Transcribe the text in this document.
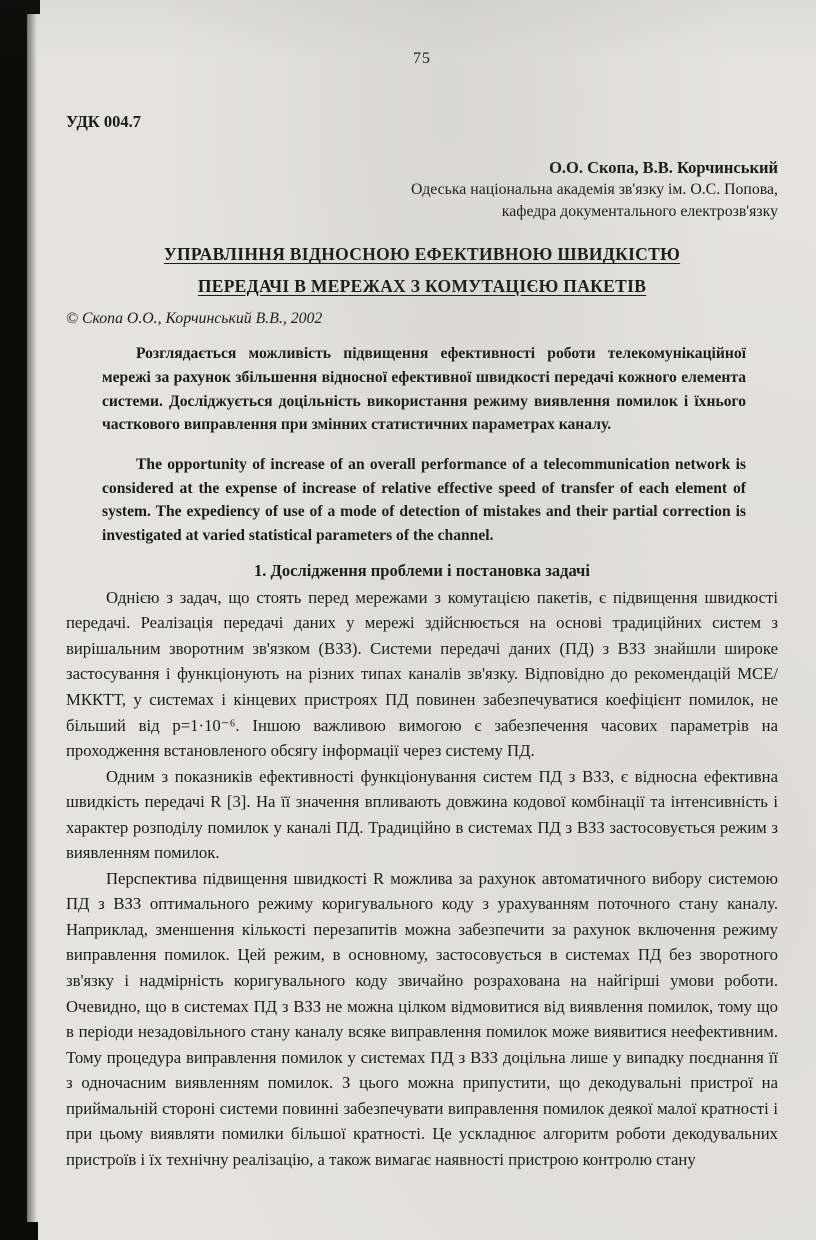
75
УДК 004.7
О.О. Скопа, В.В. Корчинський
Одеська національна академія зв'язку ім. О.С. Попова,
кафедра документального електрозв'язку
УПРАВЛІННЯ ВІДНОСНОЮ ЕФЕКТИВНОЮ ШВИДКІСТЮ
ПЕРЕДАЧІ В МЕРЕЖАХ З КОМУТАЦІЄЮ ПАКЕТІВ
© Скопа О.О., Корчинський В.В., 2002

Розглядається можливість підвищення ефективності роботи телекомунікаційної мережі за рахунок збільшення відносної ефективної швидкості передачі кожного елемента системи. Досліджується доцільність використання режиму виявлення помилок і їхнього часткового виправлення при змінних статистичних параметрах каналу.

The opportunity of increase of an overall performance of a telecommunication network is considered at the expense of increase of relative effective speed of transfer of each element of system. The expediency of use of a mode of detection of mistakes and their partial correction is investigated at varied statistical parameters of the channel.

1. Дослідження проблеми і постановка задачі

Однією з задач, що стоять перед мережами з комутацією пакетів, є підвищення швидкості передачі. Реалізація передачі даних у мережі здійснюється на основі традиційних систем з вирішальним зворотним зв'язком (ВЗЗ). Системи передачі даних (ПД) з ВЗЗ знайшли широке застосування і функціонують на різних типах каналів зв'язку. Відповідно до рекомендацій МСЕ/МККТТ, у системах і кінцевих пристроях ПД повинен забезпечуватися коефіцієнт помилок, не більший від р=1·10⁻⁶. Іншою важливою вимогою є забезпечення часових параметрів на проходження встановленого обсягу інформації через систему ПД.

Одним з показників ефективності функціонування систем ПД з ВЗЗ, є відносна ефективна швидкість передачі R [3]. На її значення впливають довжина кодової комбінації та інтенсивність і характер розподілу помилок у каналі ПД. Традиційно в системах ПД з ВЗЗ застосовується режим з виявленням помилок.

Перспектива підвищення швидкості R можлива за рахунок автоматичного вибору системою ПД з ВЗЗ оптимального режиму коригувального коду з урахуванням поточного стану каналу. Наприклад, зменшення кількості перезапитів можна забезпечити за рахунок включення режиму виправлення помилок. Цей режим, в основному, застосовується в системах ПД без зворотного зв'язку і надмірність коригувального коду звичайно розрахована на найгірші умови роботи. Очевидно, що в системах ПД з ВЗЗ не можна цілком відмовитися від виявлення помилок, тому що в періоди незадовільного стану каналу всяке виправлення помилок може виявитися неефективним. Тому процедура виправлення помилок у системах ПД з ВЗЗ доцільна лише у випадку поєднання її з одночасним виявленням помилок. З цього можна припустити, що декодувальні пристрої на приймальній стороні системи повинні забезпечувати виправлення помилок деякої малої кратності і при цьому виявляти помилки більшої кратності. Це ускладнює алгоритм роботи декодувальних пристроїв і їх технічну реалізацію, а також вимагає наявності пристрою контролю стану
